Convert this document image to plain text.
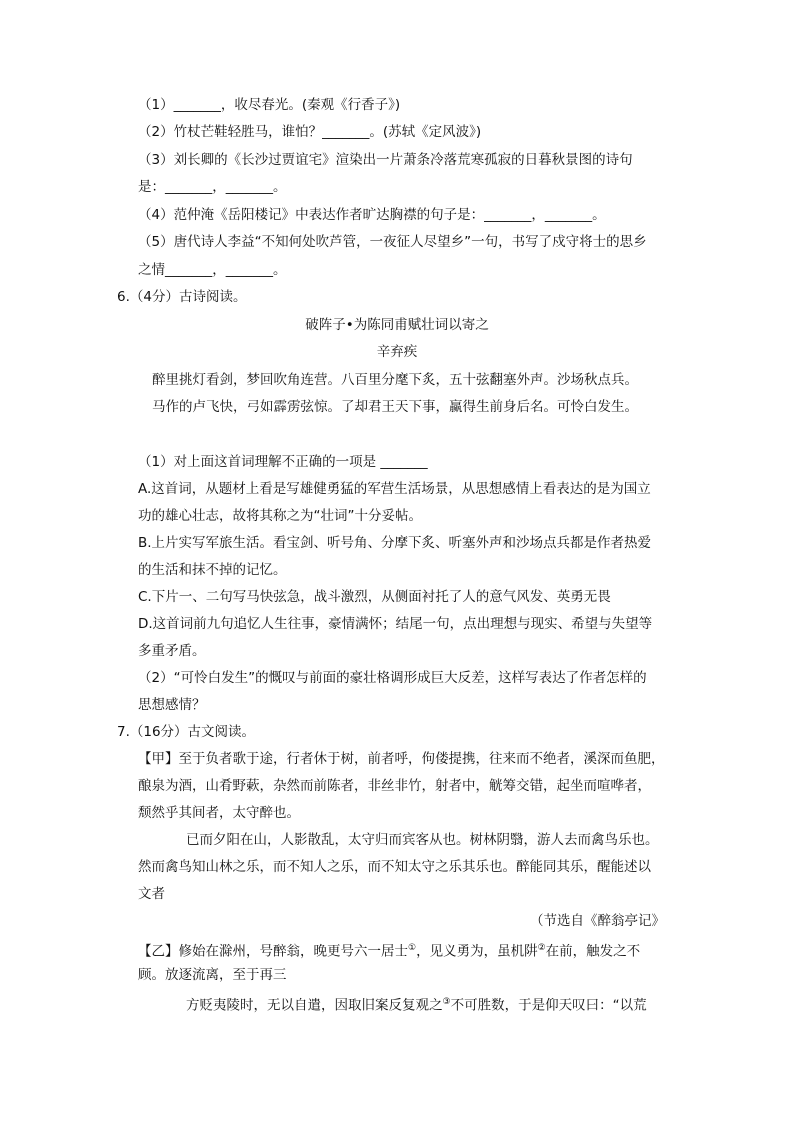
（1）_______，收尽春光。(秦观《行香子》)
（2）竹杖芒鞋轻胜马，谁怕？_______。(苏轼《定风波》)
（3）刘长卿的《长沙过贾谊宅》渲染出一片萧条冷落荒寒孤寂的日暮秋景图的诗句
是：_______，_______。
（4）范仲淹《岳阳楼记》中表达作者旷达胸襟的句子是：_______，_______。
（5）唐代诗人李益“不知何处吹芦管，一夜征人尽望乡”一句，书写了戍守将士的思乡
之情_______，_______。
6.（4分）古诗阅读。
破阵子•为陈同甫赋壮词以寄之
辛弃疾
醉里挑灯看剑，梦回吹角连营。八百里分麾下炙，五十弦翻塞外声。沙场秋点兵。
马作的卢飞快，弓如霹雳弦惊。了却君王天下事，赢得生前身后名。可怜白发生。
（1）对上面这首词理解不正确的一项是 _______
A.这首词，从题材上看是写雄健勇猛的军营生活场景，从思想感情上看表达的是为国立
功的雄心壮志，故将其称之为“壮词”十分妥帖。
B.上片实写军旅生活。看宝剑、听号角、分摩下炙、听塞外声和沙场点兵都是作者热爱
的生活和抹不掉的记忆。
C.下片一、二句写马快弦急，战斗激烈，从侧面衬托了人的意气风发、英勇无畏
D.这首词前九句追忆人生往事，豪情满怀；结尾一句，点出理想与现实、希望与失望等
多重矛盾。
（2）“可怜白发生”的慨叹与前面的豪壮格调形成巨大反差，这样写表达了作者怎样的
思想感情？
7.（16分）古文阅读。
【甲】至于负者歌于途，行者休于树，前者呼，佝偻提携，往来而不绝者，溪深而鱼肥，
酿泉为酒，山肴野蔌，杂然而前陈者，非丝非竹，射者中，觥筹交错，起坐而喧哗者，
颓然乎其间者，太守醉也。
已而夕阳在山，人影散乱，太守归而宾客从也。树林阴翳，游人去而禽鸟乐也。
然而禽鸟知山林之乐，而不知人之乐，而不知太守之乐其乐也。醉能同其乐，醒能述以
文者
（节选自《醉翁亭记》
【乙】修始在滁州，号醉翁，晚更号六一居士①，见义勇为，虽机阱②在前，触发之不
顾。放逐流离，至于再三
方贬夷陵时，无以自遣，因取旧案反复观之③不可胜数，于是仰天叹曰：“以荒
